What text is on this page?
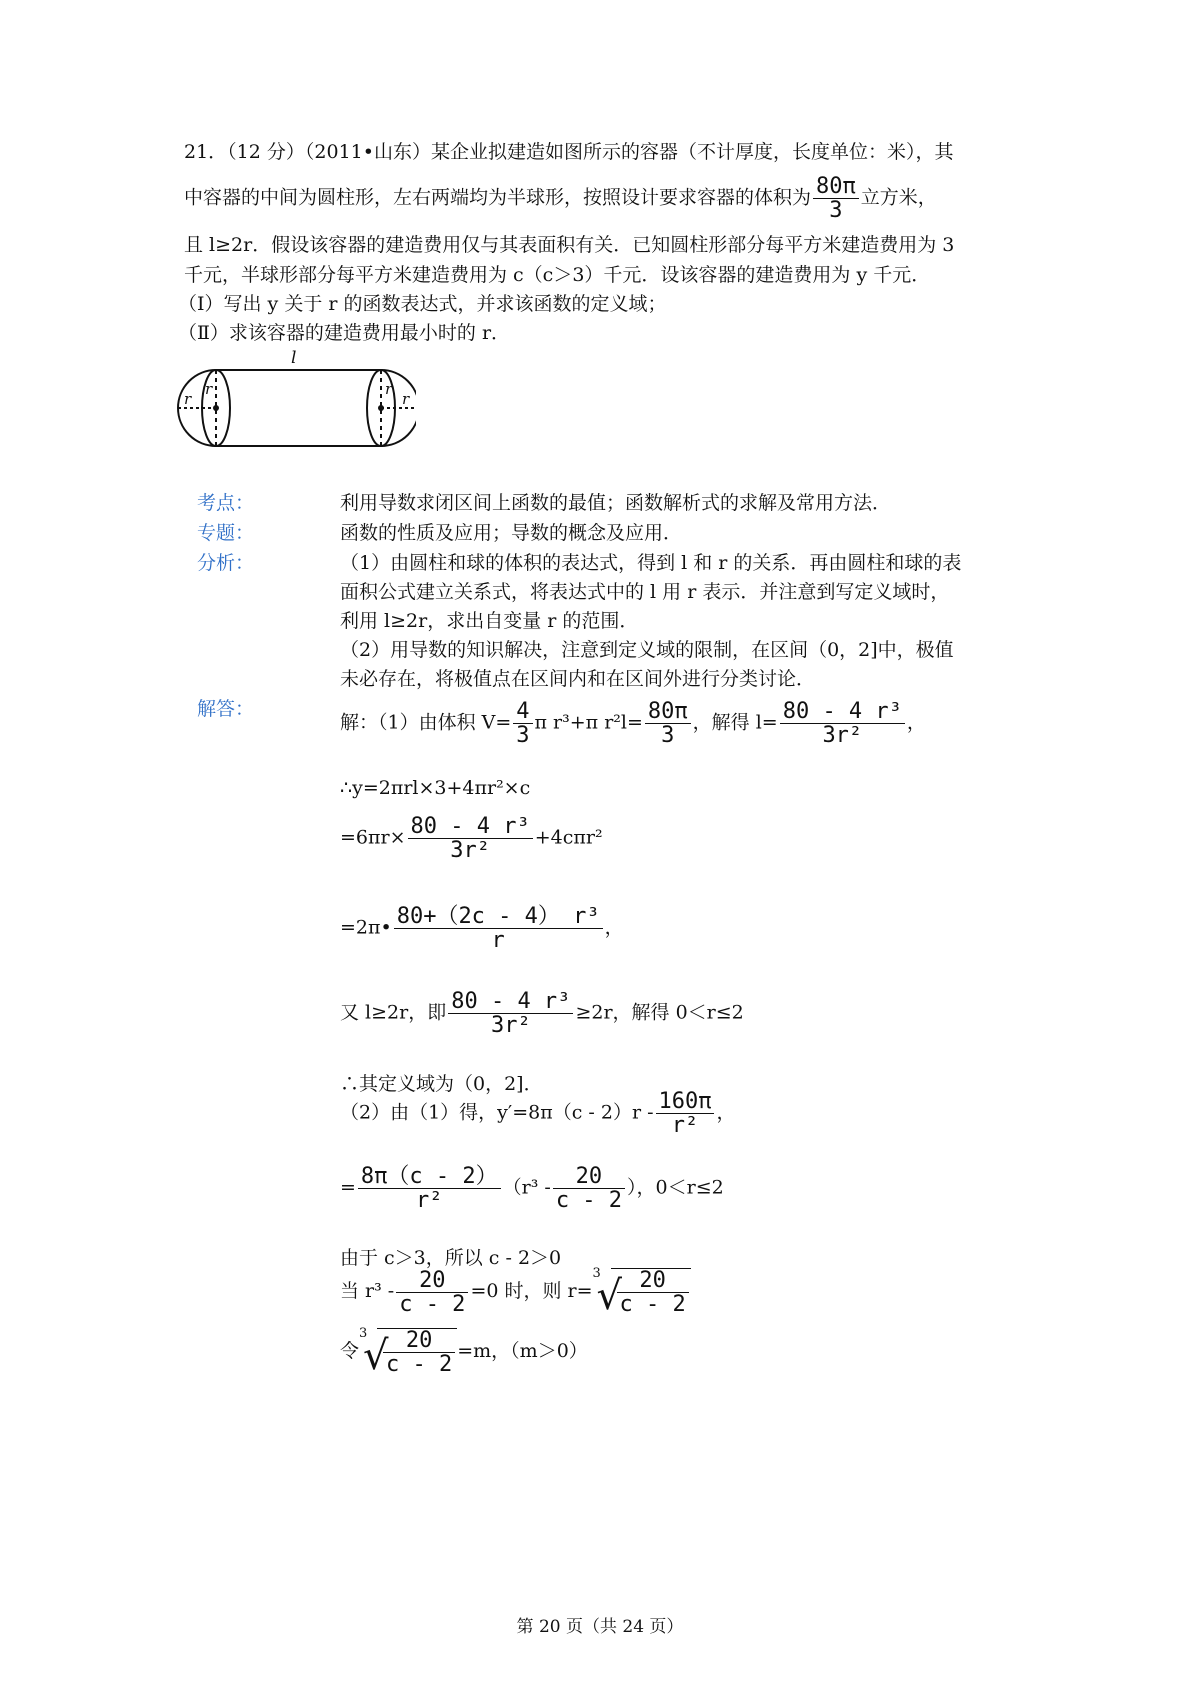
21．（12 分）（2011•山东）某企业拟建造如图所示的容器（不计厚度，长度单位：米），其
中容器的中间为圆柱形，左右两端均为半球形，按照设计要求容器的体积为 $\frac{80\pi}{3}$ 立方米，
且 l≥2r．假设该容器的建造费用仅与其表面积有关．已知圆柱形部分每平方米建造费用为 3
千元，半球形部分每平方米建造费用为 c（c＞3）千元．设该容器的建造费用为 y 千元．
（Ⅰ）写出 y 关于 r 的函数表达式，并求该函数的定义域；
（Ⅱ）求该容器的建造费用最小时的 r．
l
r
r	r
r
考点：	利用导数求闭区间上函数的最值；函数解析式的求解及常用方法．
专题：	函数的性质及应用；导数的概念及应用．
分析：	（1）由圆柱和球的体积的表达式，得到 l 和 r 的关系．再由圆柱和球的表
面积公式建立关系式，将表达式中的 l 用 r 表示．并注意到写定义域时，
利用 l≥2r，求出自变量 r 的范围．
（2）用导数的知识解决，注意到定义域的限制，在区间（0，2]中，极值
未必存在，将极值点在区间内和在区间外进行分类讨论．
解答：
解：（1）由体积 $V= \frac{4}{3}$ π r³+π $r^2l= \frac{80\pi}{3}$ ，解得 $l= \frac{\text{80 - 4 r³}}{\text{3r²}}$ ，
∴y=2πrl×3+4πr²×c
$=6\pi r\times \frac{\text{80 - 4 r³}}{\text{3r²}} +4c\pi r^2$
=2π• $\frac{\text{80+（2c - 4） r³}}{r}$ ，
又 l≥2r，即 $\frac{\text{80 - 4 r³}}{\text{3r²}} \ge 2r$，解得 0＜r≤2
∴其定义域为（0，2]．
（2）由（1）得，$y'=8\pi(c - 2)r - \frac{160\pi}{\text{r²}}$ ，
= $\frac{8\pi(c - 2)}{\text{r²}} (r^3 - \frac{20}{c - 2}$ ），0＜r≤2
由于 c＞3，所以 c - 2＞0
当 $r^3 - \frac{20}{c - 2} =0$ 时，则 r=
√ $3 \frac{20}{c - 2}$
令
√ $3 \frac{20}{c - 2} =m$，（m＞0）
第 20 页（共 24 页）
